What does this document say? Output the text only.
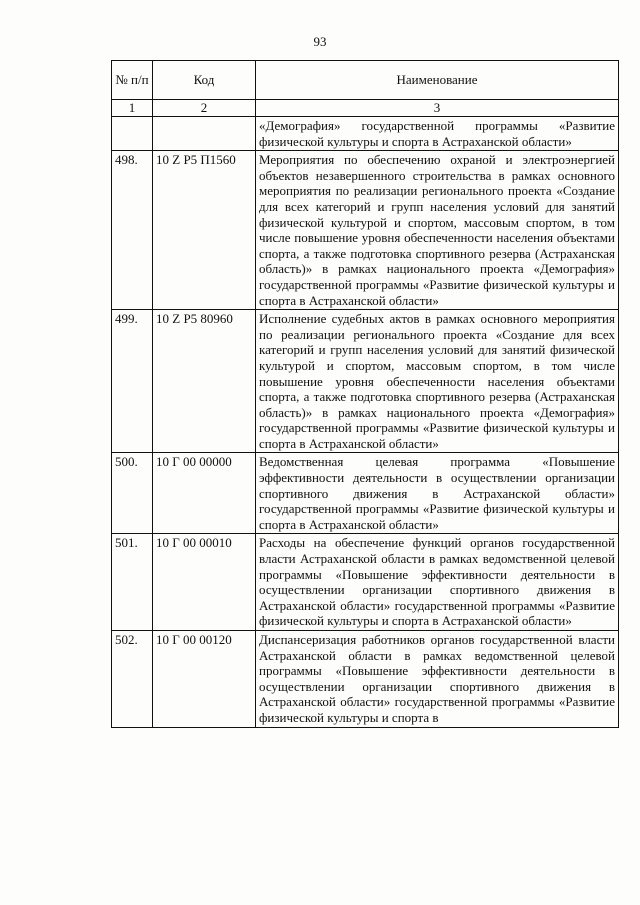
93
№ п/п	Код	Наименование
1	2	3
		«Демография» государственной программы «Развитие физической культуры и спорта в Астраханской области»
498.	10 Z P5 П1560	Мероприятия по обеспечению охраной и электроэнергией объектов незавершенного строительства в рамках основного мероприятия по реализации регионального проекта «Создание для всех категорий и групп населения условий для занятий физической культурой и спортом, массовым спортом, в том числе повышение уровня обеспеченности населения объектами спорта, а также подготовка спортивного резерва (Астраханская область)» в рамках национального проекта «Демография» государственной программы «Развитие физической культуры и спорта в Астраханской области»
499.	10 Z P5 80960	Исполнение судебных актов в рамках основного мероприятия по реализации регионального проекта «Создание для всех категорий и групп населения условий для занятий физической культурой и спортом, массовым спортом, в том числе повышение уровня обеспеченности населения объектами спорта, а также подготовка спортивного резерва (Астраханская область)» в рамках национального проекта «Демография» государственной программы «Развитие физической культуры и спорта в Астраханской области»
500.	10 Г 00 00000	Ведомственная целевая программа «Повышение эффективности деятельности в осуществлении организации спортивного движения в Астраханской области» государственной программы «Развитие физической культуры и спорта в Астраханской области»
501.	10 Г 00 00010	Расходы на обеспечение функций органов государственной власти Астраханской области в рамках ведомственной целевой программы «Повышение эффективности деятельности в осуществлении организации спортивного движения в Астраханской области» государственной программы «Развитие физической культуры и спорта в Астраханской области»
502.	10 Г 00 00120	Диспансеризация работников органов государственной власти Астраханской области в рамках ведомственной целевой программы «Повышение эффективности деятельности в осуществлении организации спортивного движения в Астраханской области» государственной программы «Развитие физической культуры и спорта в
